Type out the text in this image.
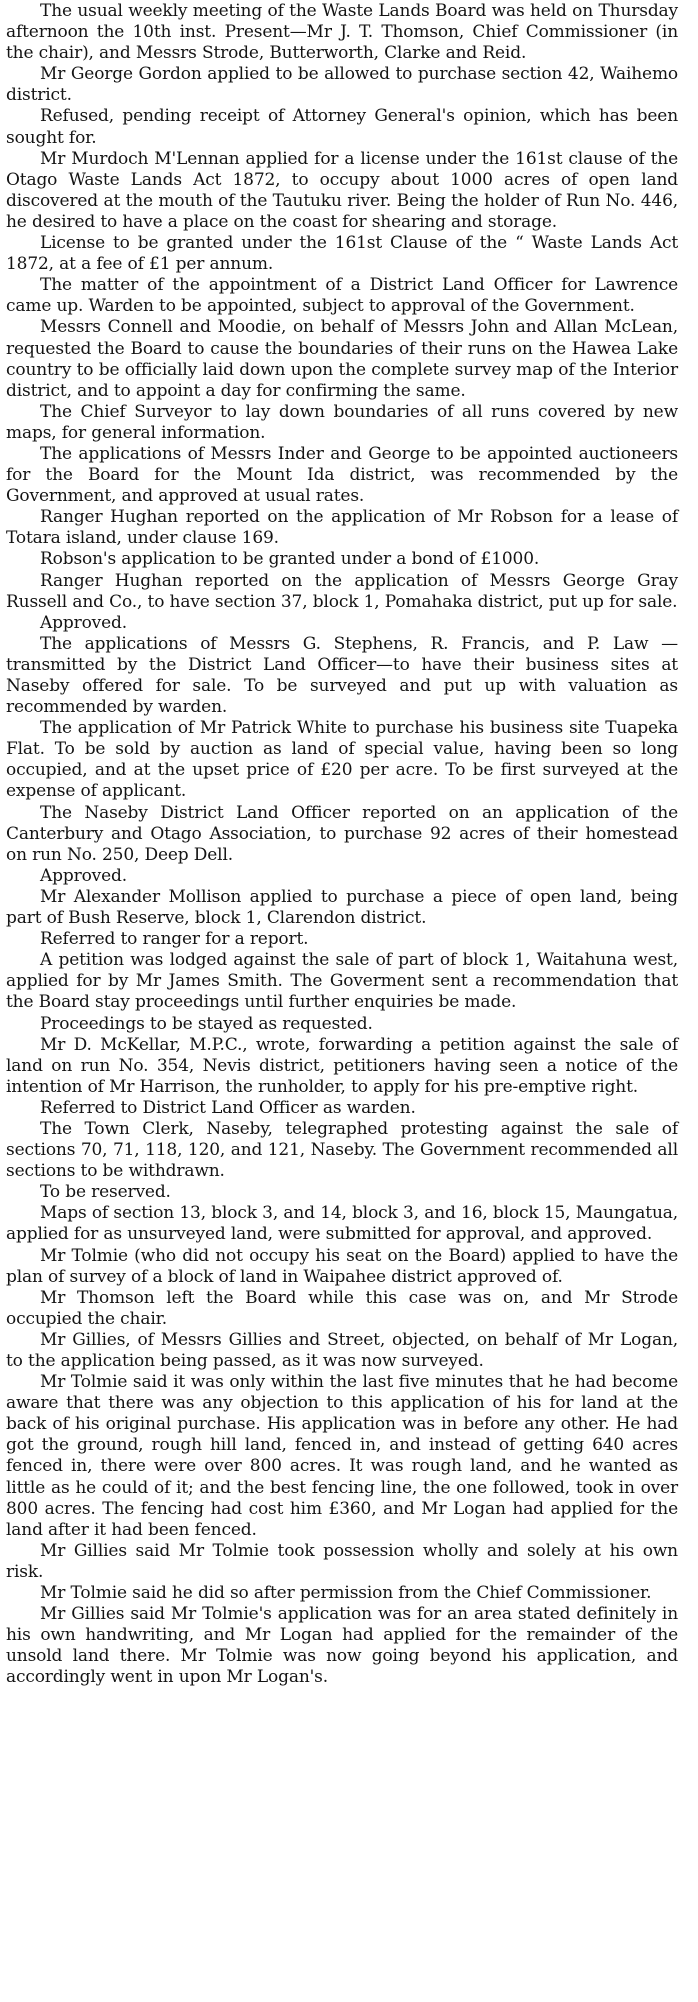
The usual weekly meeting of the Waste Lands Board was held on Thursday afternoon the 10th inst. Present—Mr J. T. Thomson, Chief Commissioner (in the chair), and Messrs Strode, Butterworth, Clarke and Reid.

Mr George Gordon applied to be allowed to purchase section 42, Waihemo district.

Refused, pending receipt of Attorney General's opinion, which has been sought for.

Mr Murdoch M'Lennan applied for a license under the 161st clause of the Otago Waste Lands Act 1872, to occupy about 1000 acres of open land discovered at the mouth of the Tautuku river. Being the holder of Run No. 446, he desired to have a place on the coast for shearing and storage.

License to be granted under the 161st Clause of the “ Waste Lands Act 1872, at a fee of £1 per annum.

The matter of the appointment of a District Land Officer for Lawrence came up. Warden to be appointed, subject to approval of the Government.

Messrs Connell and Moodie, on behalf of Messrs John and Allan McLean, requested the Board to cause the boundaries of their runs on the Hawea Lake country to be officially laid down upon the complete survey map of the Interior district, and to appoint a day for confirming the same.

The Chief Surveyor to lay down boundaries of all runs covered by new maps, for general information.

The applications of Messrs Inder and George to be appointed auctioneers for the Board for the Mount Ida district, was recommended by the Government, and approved at usual rates.

Ranger Hughan reported on the application of Mr Robson for a lease of Totara island, under clause 169.

Robson's application to be granted under a bond of £1000.

Ranger Hughan reported on the application of Messrs George Gray Russell and Co., to have section 37, block 1, Pomahaka district, put up for sale.

Approved.

The applications of Messrs G. Stephens, R. Francis, and P. Law —transmitted by the District Land Officer—to have their business sites at Naseby offered for sale. To be surveyed and put up with valuation as recommended by warden.

The application of Mr Patrick White to purchase his business site Tuapeka Flat. To be sold by auction as land of special value, having been so long occupied, and at the upset price of £20 per acre. To be first surveyed at the expense of applicant.

The Naseby District Land Officer reported on an application of the Canterbury and Otago Association, to purchase 92 acres of their homestead on run No. 250, Deep Dell.

Approved.

Mr Alexander Mollison applied to purchase a piece of open land, being part of Bush Reserve, block 1, Clarendon district.

Referred to ranger for a report.

A petition was lodged against the sale of part of block 1, Waitahuna west, applied for by Mr James Smith. The Goverment sent a recommendation that the Board stay proceedings until further enquiries be made.

Proceedings to be stayed as requested.

Mr D. McKellar, M.P.C., wrote, forwarding a petition against the sale of land on run No. 354, Nevis district, petitioners having seen a notice of the intention of Mr Harrison, the runholder, to apply for his pre-emptive right.

Referred to District Land Officer as warden.

The Town Clerk, Naseby, telegraphed protesting against the sale of sections 70, 71, 118, 120, and 121, Naseby. The Government recommended all sections to be withdrawn.

To be reserved.

Maps of section 13, block 3, and 14, block 3, and 16, block 15, Maungatua, applied for as unsurveyed land, were submitted for approval, and approved.

Mr Tolmie (who did not occupy his seat on the Board) applied to have the plan of survey of a block of land in Waipahee district approved of.

Mr Thomson left the Board while this case was on, and Mr Strode occupied the chair.

Mr Gillies, of Messrs Gillies and Street, objected, on behalf of Mr Logan, to the application being passed, as it was now surveyed.

Mr Tolmie said it was only within the last five minutes that he had become aware that there was any objection to this application of his for land at the back of his original purchase. His application was in before any other. He had got the ground, rough hill land, fenced in, and instead of getting 640 acres fenced in, there were over 800 acres. It was rough land, and he wanted as little as he could of it; and the best fencing line, the one followed, took in over 800 acres. The fencing had cost him £360, and Mr Logan had applied for the land after it had been fenced.

Mr Gillies said Mr Tolmie took possession wholly and solely at his own risk.

Mr Tolmie said he did so after permission from the Chief Commissioner.

Mr Gillies said Mr Tolmie's application was for an area stated definitely in his own handwriting, and Mr Logan had applied for the remainder of the unsold land there. Mr Tolmie was now going beyond his application, and accordingly went in upon Mr Logan's.
